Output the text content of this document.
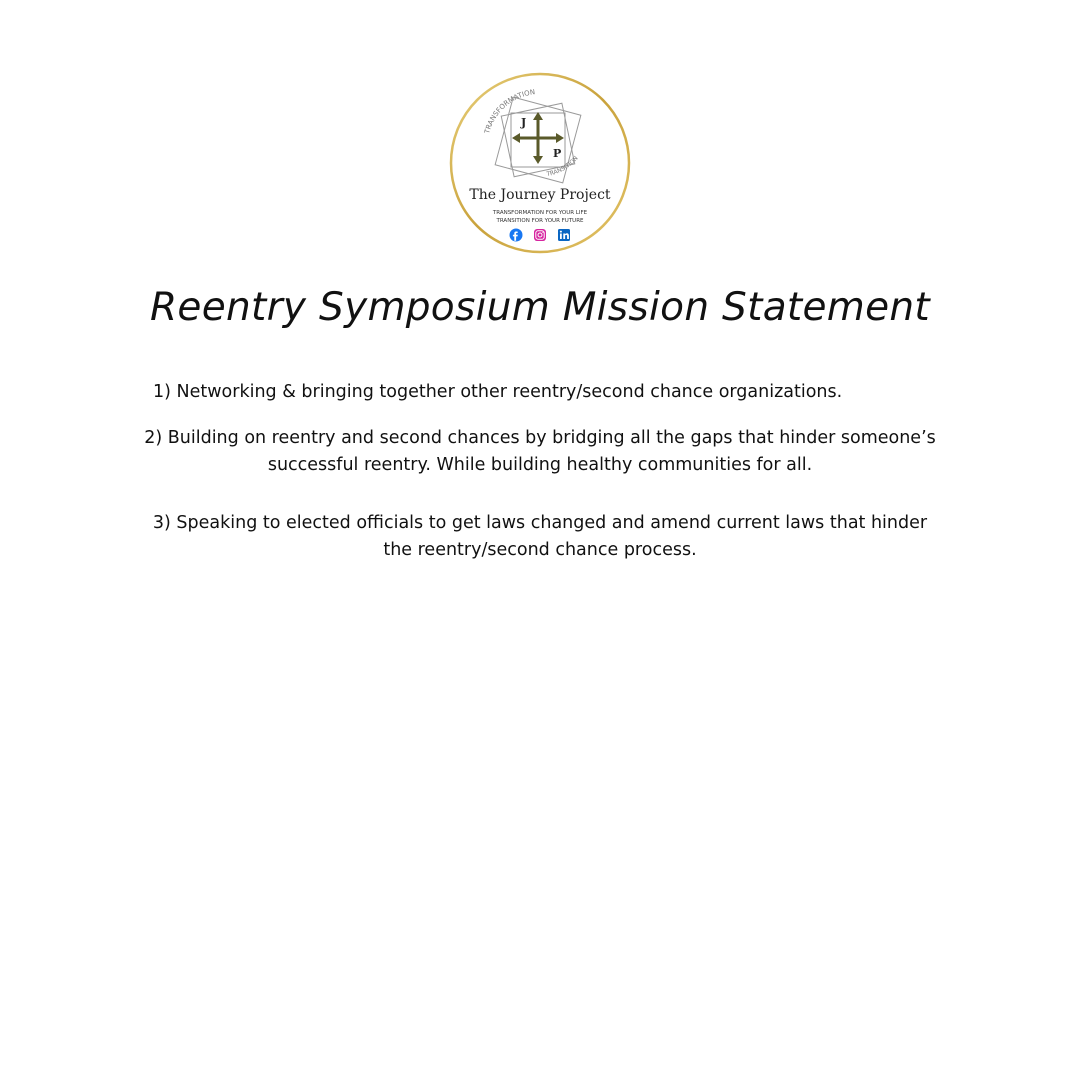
TRANSFORMATION
TRANSITION
J
P
The Journey Project
TRANSFORMATION FOR YOUR LIFE
TRANSITION FOR YOUR FUTURE
Reentry Symposium Mission Statement

1) Networking & bringing together other reentry/second chance organizations.

2) Building on reentry and second chances by bridging all the gaps that hinder someone’s successful reentry. While building healthy communities for all.

3) Speaking to elected officials to get laws changed and amend current laws that hinder the reentry/second chance process.
